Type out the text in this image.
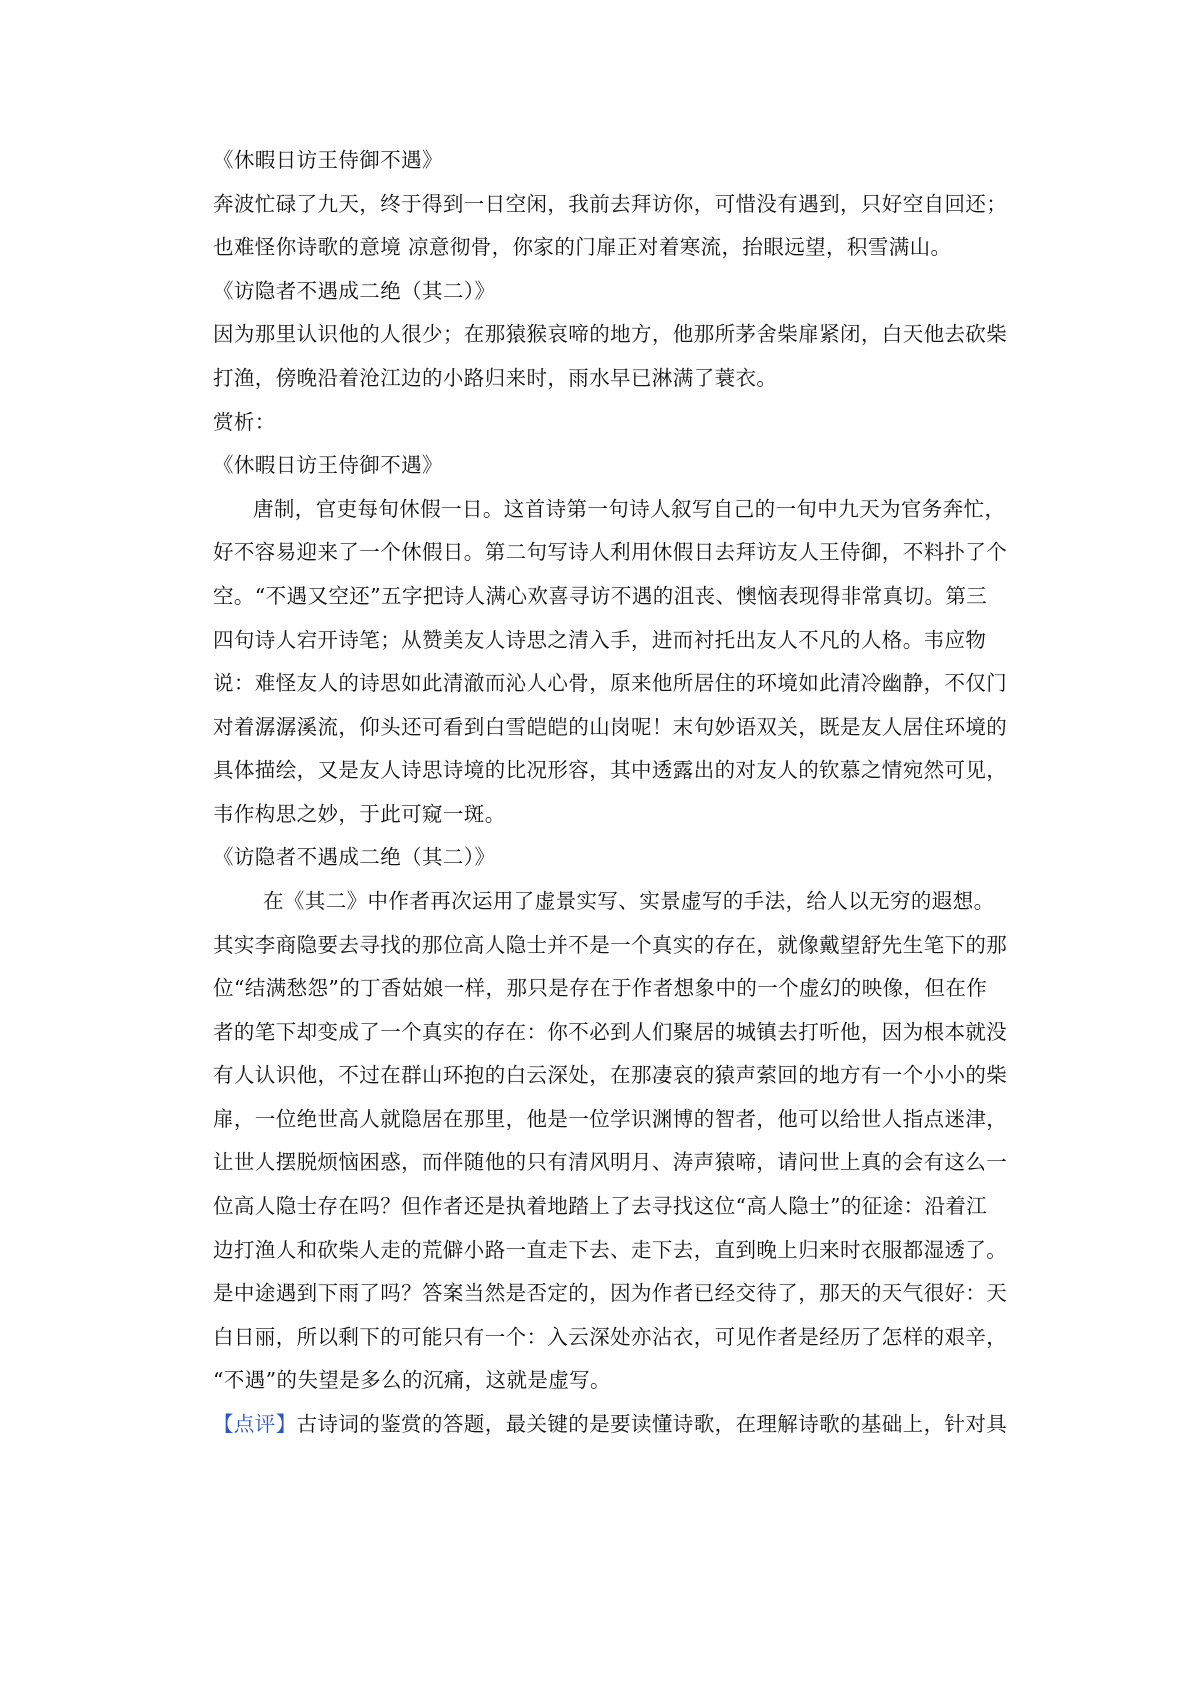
《休暇日访王侍御不遇》
奔波忙碌了九天，终于得到一日空闲，我前去拜访你，可惜没有遇到，只好空自回还；
也难怪你诗歌的意境 凉意彻骨，你家的门扉正对着寒流，抬眼远望，积雪满山。
《访隐者不遇成二绝（其二）》
因为那里认识他的人很少；在那猿猴哀啼的地方，他那所茅舍柴扉紧闭，白天他去砍柴
打渔，傍晚沿着沧江边的小路归来时，雨水早已淋满了蓑衣。
赏析：
《休暇日访王侍御不遇》
唐制，官吏每旬休假一日。这首诗第一句诗人叙写自己的一旬中九天为官务奔忙，
好不容易迎来了一个休假日。第二句写诗人利用休假日去拜访友人王侍御，不料扑了个
空。“不遇又空还”五字把诗人满心欢喜寻访不遇的沮丧、懊恼表现得非常真切。第三
四句诗人宕开诗笔；从赞美友人诗思之清入手，进而衬托出友人不凡的人格。韦应物
说：难怪友人的诗思如此清澈而沁人心骨，原来他所居住的环境如此清冷幽静，不仅门
对着潺潺溪流，仰头还可看到白雪皑皑的山岗呢！末句妙语双关，既是友人居住环境的
具体描绘，又是友人诗思诗境的比况形容，其中透露出的对友人的钦慕之情宛然可见，
韦作构思之妙，于此可窥一斑。
《访隐者不遇成二绝（其二）》
在《其二》中作者再次运用了虚景实写、实景虚写的手法，给人以无穷的遐想。
其实李商隐要去寻找的那位高人隐士并不是一个真实的存在，就像戴望舒先生笔下的那
位“结满愁怨”的丁香姑娘一样，那只是存在于作者想象中的一个虚幻的映像，但在作
者的笔下却变成了一个真实的存在：你不必到人们聚居的城镇去打听他，因为根本就没
有人认识他，不过在群山环抱的白云深处，在那凄哀的猿声萦回的地方有一个小小的柴
扉，一位绝世高人就隐居在那里，他是一位学识渊博的智者，他可以给世人指点迷津，
让世人摆脱烦恼困惑，而伴随他的只有清风明月、涛声猿啼，请问世上真的会有这么一
位高人隐士存在吗？但作者还是执着地踏上了去寻找这位“高人隐士”的征途：沿着江
边打渔人和砍柴人走的荒僻小路一直走下去、走下去，直到晚上归来时衣服都湿透了。
是中途遇到下雨了吗？答案当然是否定的，因为作者已经交待了，那天的天气很好：天
白日丽，所以剩下的可能只有一个：入云深处亦沾衣，可见作者是经历了怎样的艰辛，
“不遇”的失望是多么的沉痛，这就是虚写。
【点评】古诗词的鉴赏的答题，最关键的是要读懂诗歌，在理解诗歌的基础上，针对具
